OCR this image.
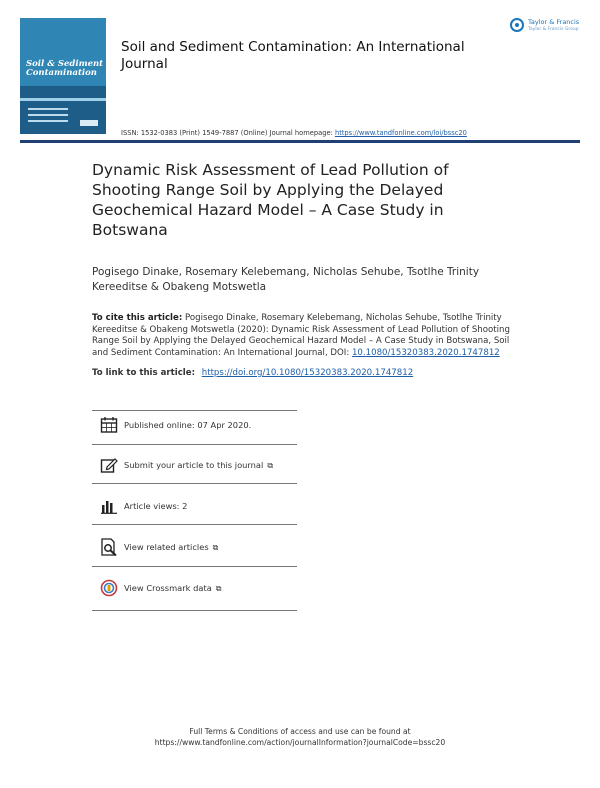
Soil & Sediment Contamination
Soil and Sediment Contamination: An International Journal
ISSN: 1532-0383 (Print) 1549-7887 (Online) Journal homepage: https://www.tandfonline.com/loi/bssc20
Taylor & Francis
Taylor & Francis Group
Dynamic Risk Assessment of Lead Pollution of Shooting Range Soil by Applying the Delayed Geochemical Hazard Model – A Case Study in Botswana
Pogisego Dinake, Rosemary Kelebemang, Nicholas Sehube, Tsotlhe Trinity Kereeditse & Obakeng Motswetla
To cite this article: Pogisego Dinake, Rosemary Kelebemang, Nicholas Sehube, Tsotlhe Trinity Kereeditse & Obakeng Motswetla (2020): Dynamic Risk Assessment of Lead Pollution of Shooting Range Soil by Applying the Delayed Geochemical Hazard Model – A Case Study in Botswana, Soil and Sediment Contamination: An International Journal, DOI: 10.1080/15320383.2020.1747812
To link to this article: https://doi.org/10.1080/15320383.2020.1747812
Published online: 07 Apr 2020.
Submit your article to this journal ⧉
Article views: 2
View related articles ⧉
View Crossmark data ⧉
Full Terms & Conditions of access and use can be found at
https://www.tandfonline.com/action/journalInformation?journalCode=bssc20
